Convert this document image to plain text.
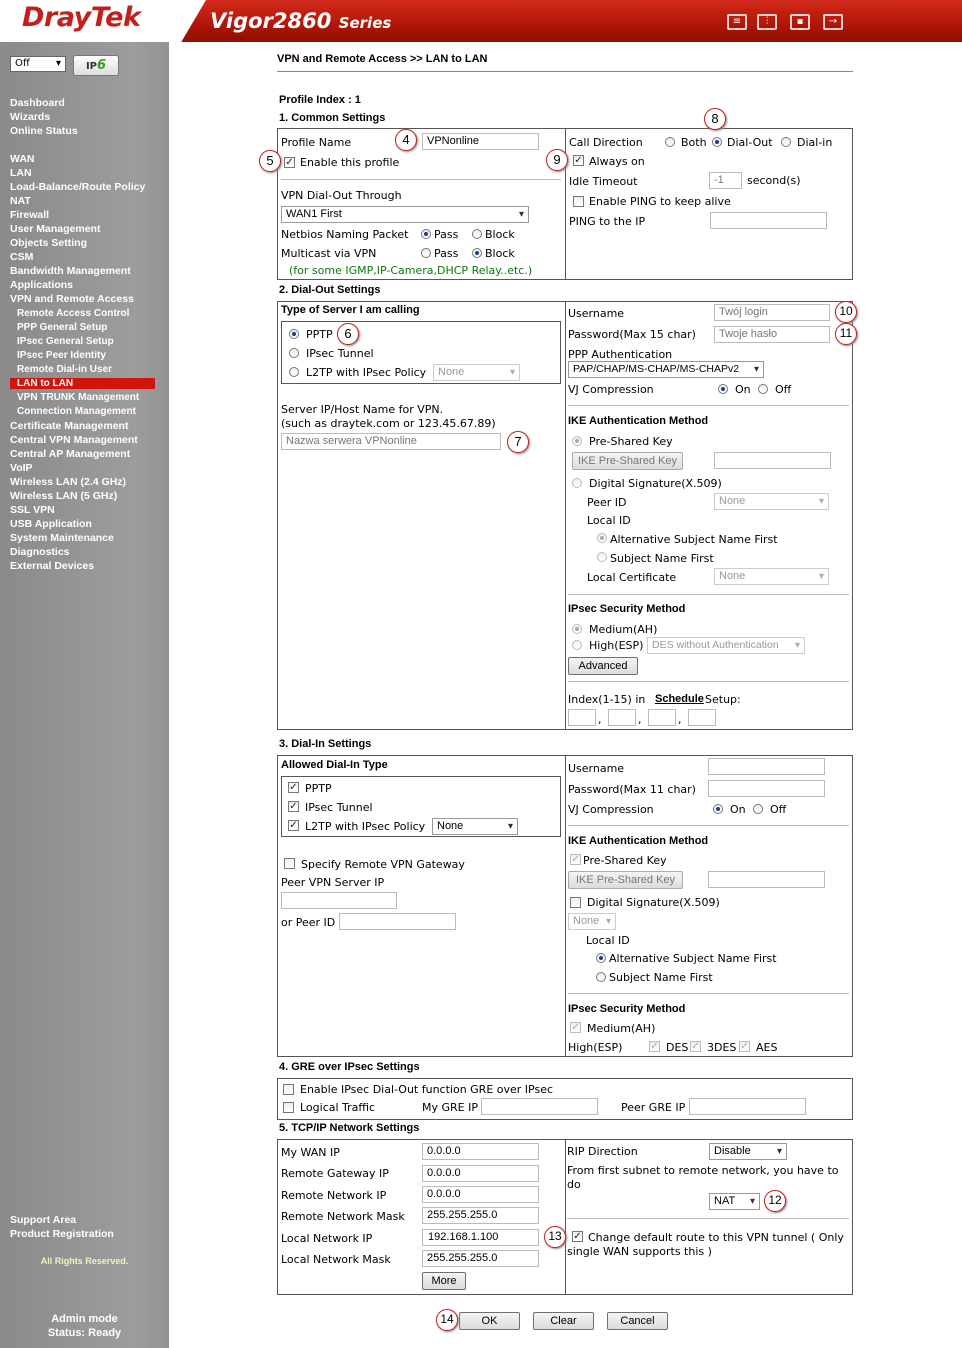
DrayTek	Vigor2860 Series	≡	⫶	▪	→
Off ▾	IP6
Dashboard
Wizards
Online Status
WAN
LAN
Load-Balance/Route Policy
NAT
Firewall
User Management
Objects Setting
CSM
Bandwidth Management
Applications
VPN and Remote Access
Remote Access Control
PPP General Setup
IPsec General Setup
IPsec Peer Identity
Remote Dial-in User
LAN to LAN
VPN TRUNK Management
Connection Management
Certificate Management
Central VPN Management
Central AP Management
VoIP
Wireless LAN (2.4 GHz)
Wireless LAN (5 GHz)
SSL VPN
USB Application
System Maintenance
Diagnostics
External Devices
Support Area
Product Registration
All Rights Reserved.
Admin mode
Status: Ready
VPN and Remote Access >> LAN to LAN
Profile Index : 1
1. Common Settings
Profile Name	VPNonline
✓ Enable this profile
VPN Dial-Out Through
WAN1 First ▾
Netbios Naming Packet Pass Block
Multicast via VPN	Pass Block
(for some IGMP,IP-Camera,DHCP Relay..etc.)
Call Direction	Both Dial-Out Dial-in
✓ Always on
Idle Timeout	-1	second(s)
Enable PING to keep alive
PING to the IP
2. Dial-Out Settings
Type of Server I am calling
PPTP
IPsec Tunnel
L2TP with IPsec Policy	None ▾
Server IP/Host Name for VPN.
(such as draytek.com or 123.45.67.89)
Nazwa serwera VPNonline
Username	Twój login
Password(Max 15 char)	Twoje hasło
PPP Authentication
PAP/CHAP/MS-CHAP/MS-CHAPv2 ▾
VJ Compression	On Off
IKE Authentication Method
Pre-Shared Key
IKE Pre-Shared Key
Digital Signature(X.509)
Peer ID	None ▾
Local ID
Alternative Subject Name First
Subject Name First
Local Certificate	None ▾
IPsec Security Method
Medium(AH)
High(ESP) DES without Authentication ▾
Advanced
Index(1-15) in Schedule Setup:
,	,	,
3. Dial-In Settings
Allowed Dial-In Type
✓ PPTP
✓ IPsec Tunnel
✓ L2TP with IPsec Policy	None ▾
Specify Remote VPN Gateway
Peer VPN Server IP
or Peer ID
Username
Password(Max 11 char)
VJ Compression	On Off
IKE Authentication Method
✓ Pre-Shared Key
IKE Pre-Shared Key
Digital Signature(X.509)
None ▾
Local ID
Alternative Subject Name First
Subject Name First
IPsec Security Method
✓ Medium(AH)
High(ESP)	✓ DES ✓ 3DES ✓ AES
4. GRE over IPsec Settings
Enable IPsec Dial-Out function GRE over IPsec
Logical Traffic	My GRE IP	Peer GRE IP
5. TCP/IP Network Settings
My WAN IP	0.0.0.0
Remote Gateway IP	0.0.0.0
Remote Network IP	0.0.0.0
Remote Network Mask	255.255.255.0
Local Network IP	192.168.1.100
Local Network Mask	255.255.255.0
More
RIP Direction	Disable ▾
From first subnet to remote network, you have to
do
NAT ▾
✓ Change default route to this VPN tunnel ( Only
single WAN supports this )
OK	Clear	Cancel
4
5
6
7
8
9
10
11
12
13
14
